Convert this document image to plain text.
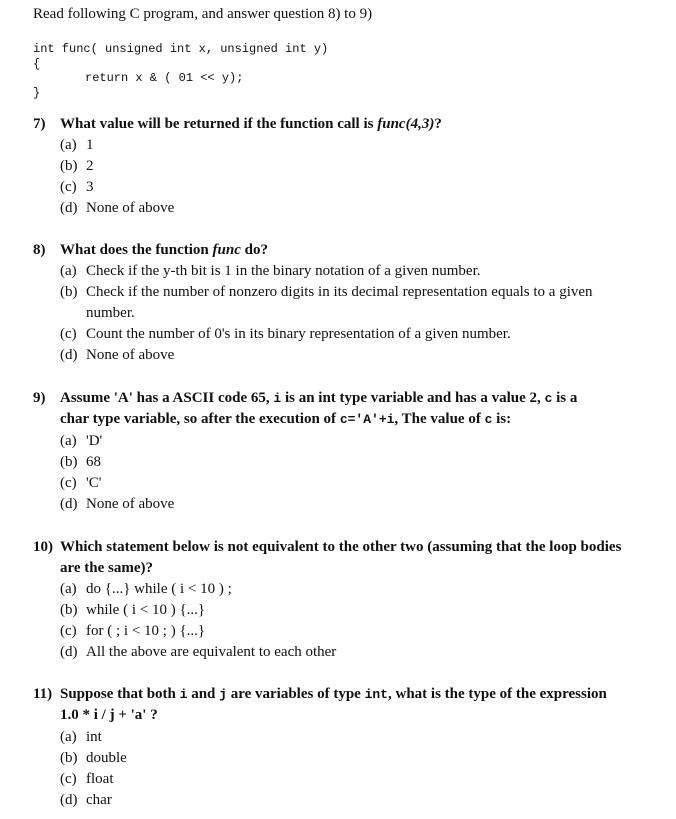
Read following C program, and answer question 8) to 9)
int func( unsigned int x, unsigned int y)
{
return x & ( 01 << y);
}
7) What value will be returned if the function call is func(4,3)?
(a) 1
(b) 2
(c) 3
(d) None of above
8) What does the function func do?
(a) Check if the y-th bit is 1 in the binary notation of a given number.
(b) Check if the number of nonzero digits in its decimal representation equals to a given
number.
(c) Count the number of 0's in its binary representation of a given number.
(d) None of above
9) Assume 'A' has a ASCII code 65, i is an int type variable and has a value 2, c is a
char type variable, so after the execution of c='A'+i, The value of c is:
(a) 'D'
(b) 68
(c) 'C'
(d) None of above
10) Which statement below is not equivalent to the other two (assuming that the loop bodies
are the same)?
(a) do {...} while ( i < 10 ) ;
(b) while ( i < 10 ) {...}
(c) for ( ; i < 10 ; ) {...}
(d) All the above are equivalent to each other
11) Suppose that both i and j are variables of type int, what is the type of the expression
1.0 * i / j + 'a' ?
(a) int
(b) double
(c) float
(d) char
